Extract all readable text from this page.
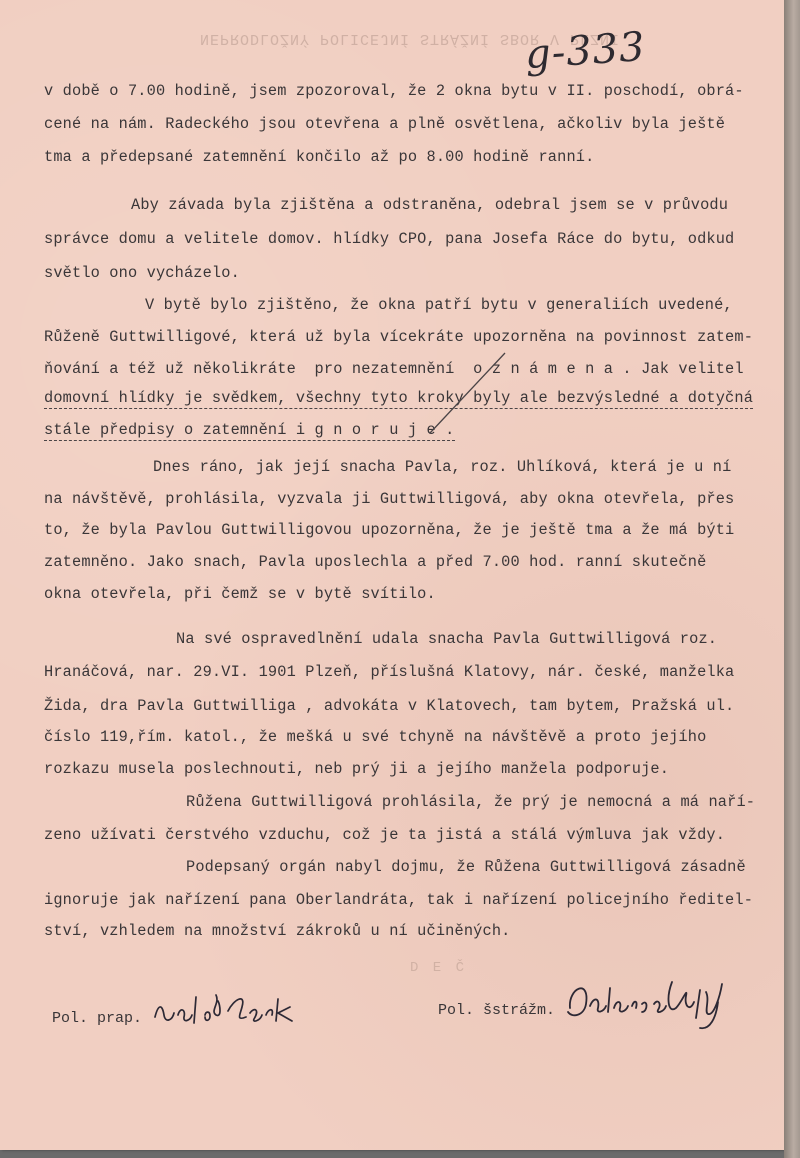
NEPRODLOŽNÝ POLICEJNÍ STRÁŽNÍ SBOR V PLZNI
g-333
D E Č
v době o 7.00 hodině, jsem zpozoroval, že 2 okna bytu v II. poschodí, obrá-
cené na nám. Radeckého jsou otevřena a plně osvětlena, ačkoliv byla ještě
tma a předepsané zatemnění končilo až po 8.00 hodině ranní.
Aby závada byla zjištěna a odstraněna, odebral jsem se v průvodu
správce domu a velitele domov. hlídky CPO, pana Josefa Ráce do bytu, odkud
světlo ono vycházelo.
V bytě bylo zjištěno, že okna patří bytu v generaliích uvedené,
Růženě Guttwilligové, která už byla vícekráte upozorněna na povinnost zatem-
ňování a též už několikráte  pro nezatemnění  o z n á m e n a . Jak velitel
domovní hlídky je svědkem, všechny tyto kroky byly ale bezvýsledné a dotyčná
stále předpisy o zatemnění i g n o r u j e .
Dnes ráno, jak její snacha Pavla, roz. Uhlíková, která je u ní
na návštěvě, prohlásila, vyzvala ji Guttwilligová, aby okna otevřela, přes
to, že byla Pavlou Guttwilligovou upozorněna, že je ještě tma a že má býti
zatemněno. Jako snach, Pavla uposlechla a před 7.00 hod. ranní skutečně
okna otevřela, při čemž se v bytě svítilo.
Na své ospravedlnění udala snacha Pavla Guttwilligová roz.
Hranáčová, nar. 29.VI. 1901 Plzeň, příslušná Klatovy, nár. české, manželka
Žida, dra Pavla Guttwilliga , advokáta v Klatovech, tam bytem, Pražská ul.
číslo 119,řím. katol., že mešká u své tchyně na návštěvě a proto jejího
rozkazu musela poslechnouti, neb prý ji a jejího manžela podporuje.
Růžena Guttwilligová prohlásila, že prý je nemocná a má naří-
zeno užívati čerstvého vzduchu, což je ta jistá a stálá výmluva jak vždy.
Podepsaný orgán nabyl dojmu, že Růžena Guttwilligová zásadně
ignoruje jak nařízení pana Oberlandráta, tak i nařízení policejního ředitel-
ství, vzhledem na množství zákroků u ní učiněných.
Pol. prap.	Pol. šstrážm.
